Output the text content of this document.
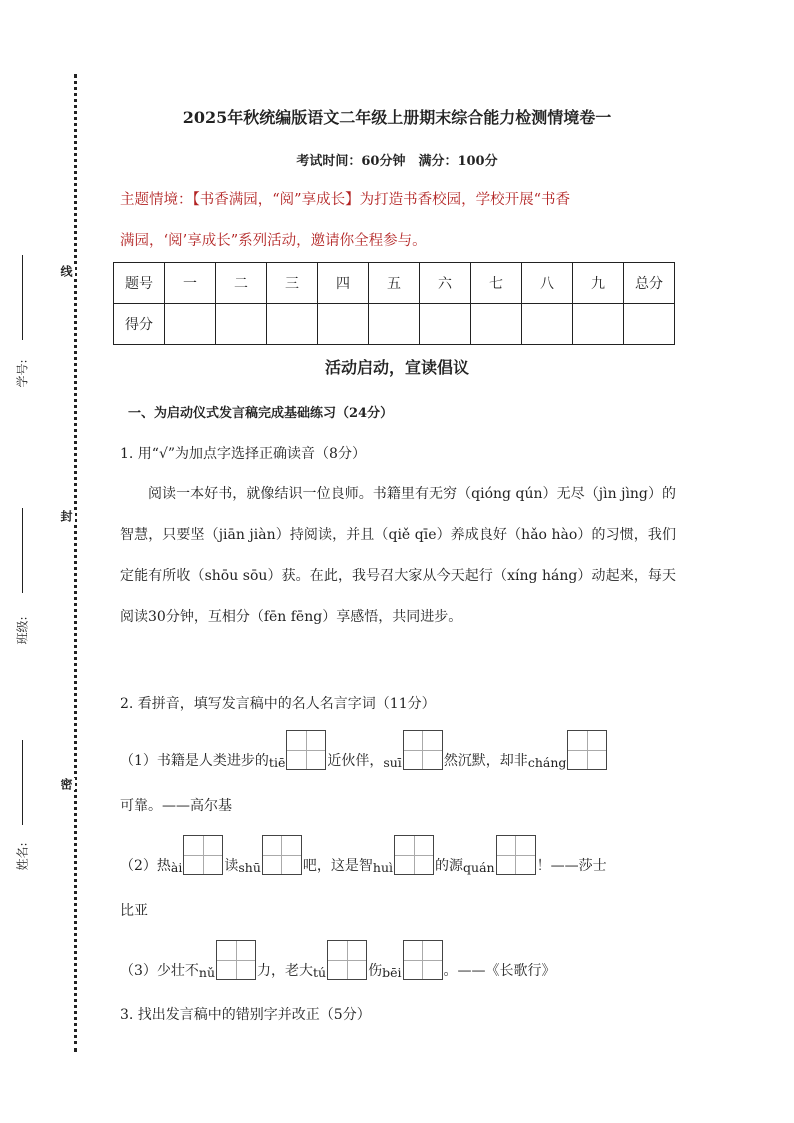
线
封
密
学号:
班级:
姓名:
2025年秋统编版语文二年级上册期末综合能力检测情境卷一
考试时间：60分钟　满分：100分
主题情境：【书香满园，“阅”享成长】为打造书香校园，学校开展“书香
满园，‘阅’享成长”系列活动，邀请你全程参与。
题号	一	二	三	四	五	六	七	八	九	总分
得分										
活动启动，宣读倡议
一、为启动仪式发言稿完成基础练习（24分）
1. 用“√”为加点字选择正确读音（8分）
阅读一本好书，就像结识一位良师。书籍里有无穷（qióng qún）无尽（jìn jìng）的智慧，只要坚（jiān jiàn）持阅读，并且（qiě qīe）养成良好（hǎo hào）的习惯，我们定能有所收（shōu sōu）获。在此，我号召大家从今天起行（xíng háng）动起来，每天阅读30分钟，互相分（fēn fēng）享感悟，共同进步。
2. 看拼音，填写发言稿中的名人名言字词（11分）
（1）书籍是人类进步的 tiē	近伙伴， suī	然沉默，却非 cháng
可靠。——高尔基
（2）热 ài	读 shū	吧，这是智 huì	的源 quán	！——莎士
比亚
（3）少壮不 nǔ	力，老大 tú	伤 bēi	。——《长歌行》
3. 找出发言稿中的错别字并改正（5分）
